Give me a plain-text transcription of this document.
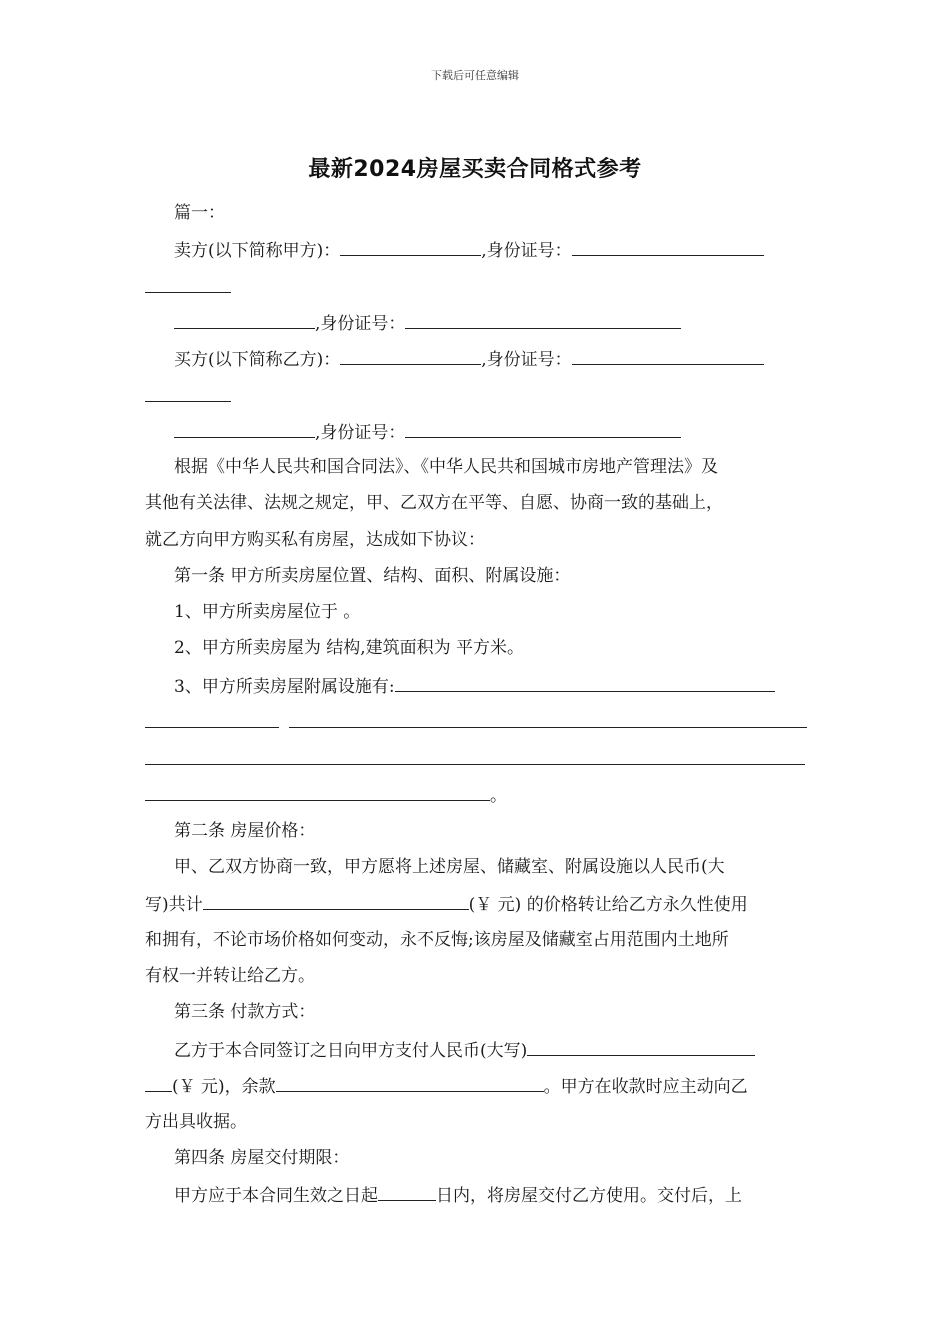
下载后可任意编辑
最新2024房屋买卖合同格式参考
篇一：
卖方(以下简称甲方)：	,身份证号：
,身份证号：
买方(以下简称乙方)：	,身份证号：
,身份证号：
根据《中华人民共和国合同法》、《中华人民共和国城市房地产管理法》及
其他有关法律、法规之规定，甲、乙双方在平等、自愿、协商一致的基础上，
就乙方向甲方购买私有房屋，达成如下协议：
第一条 甲方所卖房屋位置、结构、面积、附属设施：
1、甲方所卖房屋位于 。
2、甲方所卖房屋为 结构,建筑面积为 平方米。
3、甲方所卖房屋附属设施有:
。
第二条 房屋价格：
甲、乙双方协商一致，甲方愿将上述房屋、储藏室、附属设施以人民币(大
写)共计	(￥ 元) 的价格转让给乙方永久性使用
和拥有，不论市场价格如何变动，永不反悔;该房屋及储藏室占用范围内土地所
有权一并转让给乙方。
第三条 付款方式：
乙方于本合同签订之日向甲方支付人民币(大写)
(￥ 元)，余款	。甲方在收款时应主动向乙
方出具收据。
第四条 房屋交付期限：
甲方应于本合同生效之日起	日内，将房屋交付乙方使用。交付后，上
